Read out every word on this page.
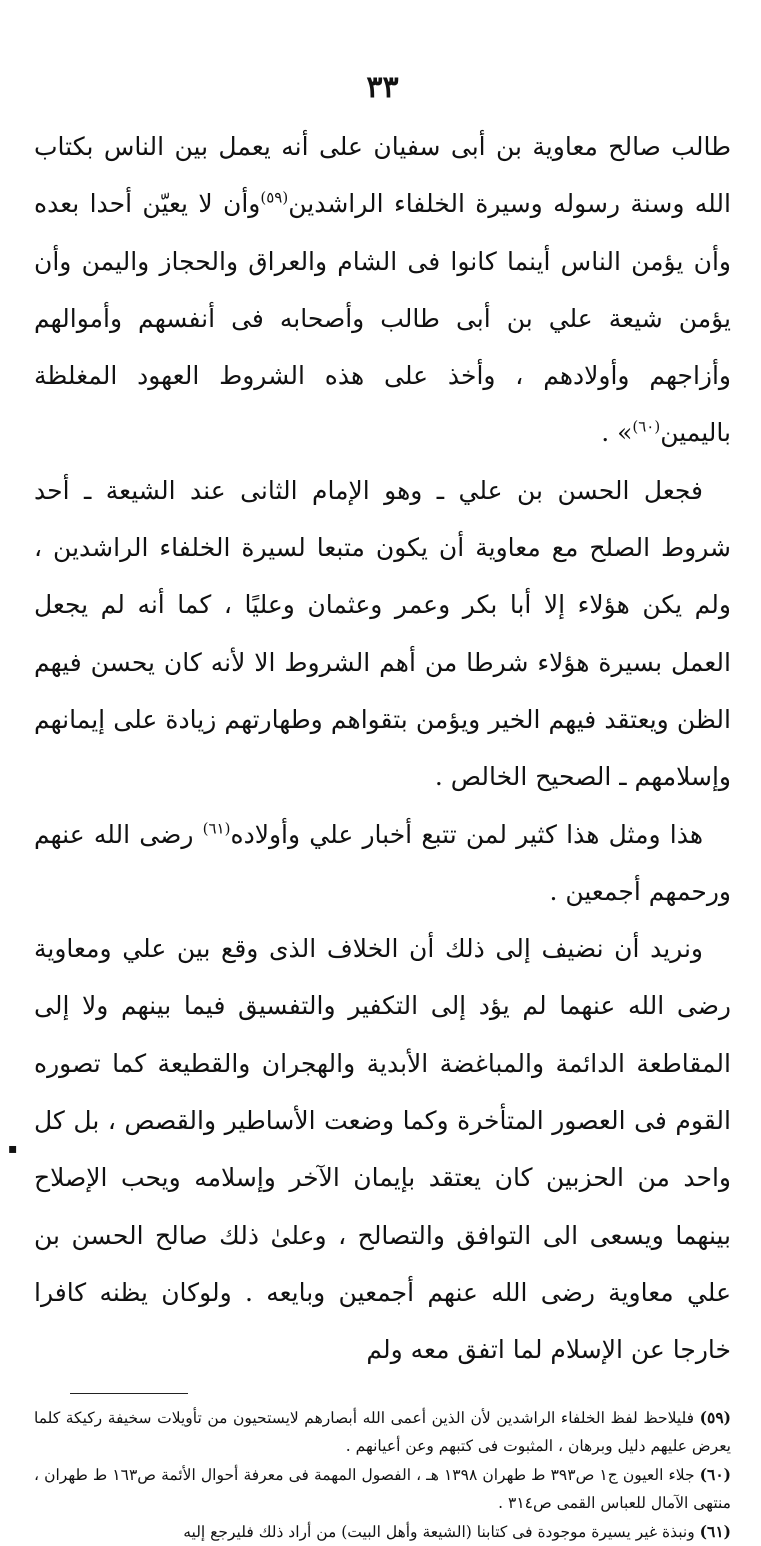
٣٣

طالب صالح معاوية بن أبى سفيان على أنه يعمل بين الناس بكتاب الله وسنة رسوله وسيرة الخلفاء الراشدين$^{(٥٩)}$وأن لا يعيّن أحدا بعده وأن يؤمن الناس أينما كانوا فى الشام والعراق والحجاز واليمن وأن يؤمن شيعة علي بن أبى طالب وأصحابه فى أنفسهم وأموالهم وأزاجهم وأولادهم ، وأخذ على هذه الشروط العهود المغلظة باليمين$^{(٦٠)}$» .

فجعل الحسن بن علي ـ وهو الإمام الثانى عند الشيعة ـ أحد شروط الصلح مع معاوية أن يكون متبعا لسيرة الخلفاء الراشدين ، ولم يكن هؤلاء إلا أبا بكر وعمر وعثمان وعليًا ، كما أنه لم يجعل العمل بسيرة هؤلاء شرطا من أهم الشروط الا لأنه كان يحسن فيهم الظن ويعتقد فيهم الخير ويؤمن بتقواهم وطهارتهم زيادة على إيمانهم وإسلامهم ـ الصحيح الخالص .

هذا ومثل هذا كثير لمن تتبع أخبار علي وأولاده$^{(٦١)}$ رضى الله عنهم ورحمهم أجمعين .

ونريد أن نضيف إلى ذلك أن الخلاف الذى وقع بين علي ومعاوية رضى الله عنهما لم يؤد إلى التكفير والتفسيق فيما بينهم ولا إلى المقاطعة الدائمة والمباغضة الأبدية والهجران والقطيعة كما تصوره القوم فى العصور المتأخرة وكما وضعت الأساطير والقصص ، بل كل واحد من الحزبين كان يعتقد بإيمان الآخر وإسلامه ويحب الإصلاح بينهما ويسعى الى التوافق والتصالح ، وعلىٰ ذلك صالح الحسن بن علي معاوية رضى الله عنهم أجمعين وبايعه . ولوكان يظنه كافرا خارجا عن الإسلام لما اتفق معه ولم

(٥٩) فليلاحظ لفظ الخلفاء الراشدين لأن الذين أعمى الله أبصارهم لايستحيون من تأويلات سخيفة ركيكة كلما يعرض عليهم دليل وبرهان ، المثبوت فى كتبهم وعن أعيانهم .

(٦٠) جلاء العيون ج١ ص٣٩٣ ط طهران ١٣٩٨ هـ ، الفصول المهمة فى معرفة أحوال الأئمة ص١٦٣ ط طهران ، منتهى الآمال للعباس القمى ص٣١٤ .

(٦١) ونبذة غير يسيرة موجودة فى كتابنا (الشيعة وأهل البيت) من أراد ذلك فليرجع إليه

▪
